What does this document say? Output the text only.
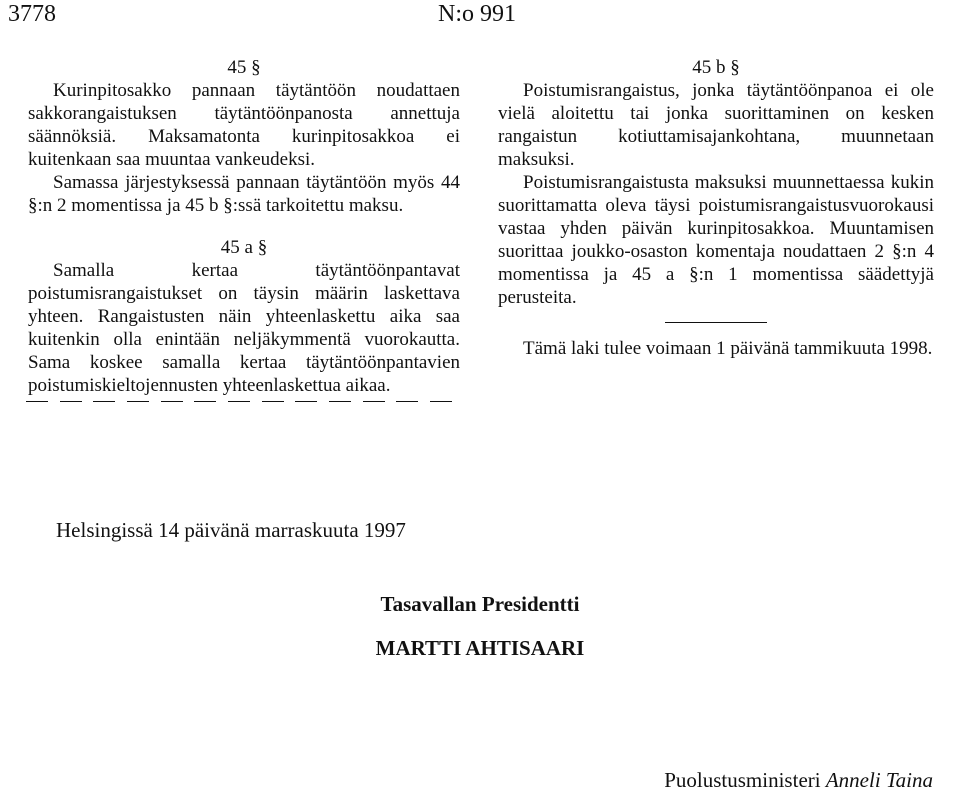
3778	N:o 991

45 §

Kurinpitosakko pannaan täytäntöön noudattaen sakkorangaistuksen täytäntöönpanosta annettuja säännöksiä. Maksamatonta kurinpitosakkoa ei kuitenkaan saa muuntaa vankeudeksi.

Samassa järjestyksessä pannaan täytäntöön myös 44 §:n 2 momentissa ja 45 b §:ssä tarkoitettu maksu.

45 a §

Samalla kertaa täytäntöönpantavat poistumisrangaistukset on täysin määrin laskettava yhteen. Rangaistusten näin yhteenlaskettu aika saa kuitenkin olla enintään neljäkymmentä vuorokautta. Sama koskee samalla kertaa täytäntöönpantavien poistumiskieltojennusten yhteenlaskettua aikaa.

45 b §

Poistumisrangaistus, jonka täytäntöönpanoa ei ole vielä aloitettu tai jonka suorittaminen on kesken rangaistun kotiuttamisajankohtana, muunnetaan maksuksi.

Poistumisrangaistusta maksuksi muunnettaessa kukin suorittamatta oleva täysi poistumisrangaistusvuorokausi vastaa yhden päivän kurinpitosakkoa. Muuntamisen suorittaa joukko-osaston komentaja noudattaen 2 §:n 4 momentissa ja 45 a §:n 1 momentissa säädettyjä perusteita.

Tämä laki tulee voimaan 1 päivänä tammikuuta 1998.

Helsingissä 14 päivänä marraskuuta 1997
Tasavallan Presidentti
MARTTI AHTISAARI
Puolustusministeri Anneli Taina
